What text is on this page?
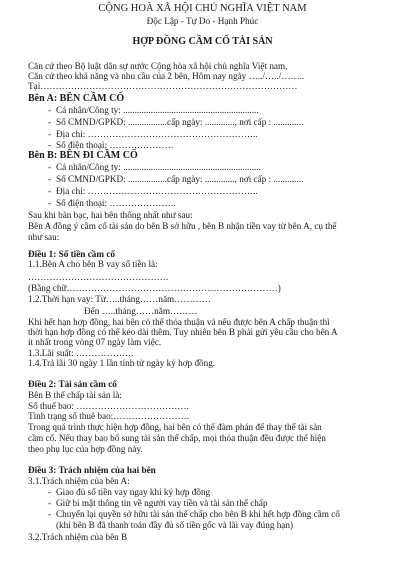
CỘNG HOÀ XÃ HỘI CHỦ NGHĨA VIỆT NAM
Độc Lập - Tự Do - Hạnh Phúc
HỢP ĐỒNG CẦM CỐ TÀI SẢN
Căn cứ theo Bộ luật dân sự nước Cộng hòa xã hội chủ nghĩa Việt nam,
Căn cứ theo khả năng và nhu cầu của 2 bên, Hôm nay ngày …../…../……..
Tại…………………………………………………………………………
Bên A: BÊN CẦM CỐ
- Cá nhân/Công ty: ...........................................................
- Số CMND/GPKD: .................cấp ngày: ............., nơi cấp : .............
- Địa chỉ: ………………………………………………..
- Số điện thoại: …………………
Bên B: BÊN ĐI CẦM CỐ
- Cá nhân/Công ty: ............................................................
- Số CMND/GPKD: .................cấp ngày: ............., nơi cấp : .............
- Địa chỉ: ………………………………………………..
- Số điện thoại: ………………….
Sau khi bàn bạc, hai bên thống nhất như sau:
Bên A đồng ý cầm cố tài sản do bên B sở hữu , bên B nhận tiền vay từ bên A, cụ thể
như sau:
Điều 1: Số tiền cầm cố
1.1.Bên A cho bên B vay số tiền là:
……………………………………….
(Bằng chữ……………………………………………………………)
1.2.Thời hạn vay: Từ…..tháng……năm…………
Đến …..tháng……năm………
Khi hết hạn hợp đồng, hai bên có thể thỏa thuận và nếu được bên A chấp thuận thì
thời hạn hợp đồng có thể kéo dài thêm. Tuy nhiên bên B phải gửi yêu cầu cho bên A
ít nhất trong vòng 07 ngày làm việc.
1.3.Lãi suất: ……………….
1.4.Trả lãi 30 ngày 1 lần tính từ ngày ký hợp đồng.
Điều 2: Tài sản cầm cố
Bên B thế chấp tài sản là:
Số thuế bao: ……………………………….
Tình trạng số thuê bao:…………………….
Trong quá trình thực hiện hợp đồng, hai bên có thể đàm phán để thay thế tài sản
cầm cố. Nếu thay bao bổ sung tài sản thế chấp, mọi thỏa thuận đều được thể hiện
theo phụ lục của hợp đồng này.
Điều 3: Trách nhiệm của hai bên
3.1.Trách nhiệm của bên A:
- Giao đủ số tiền vay ngay khi ký hợp đồng
- Giữ bí mật thông tin về người vay tiền và tài sản thế chấp
- Chuyển lại quyền sở hữu tài sản thế chấp cho bên B khi hết hợp đồng cầm cố
(khi bên B đã thanh toán đầy đủ số tiền gốc và lãi vay đúng hạn)
3.2.Trách nhiệm của bên B
